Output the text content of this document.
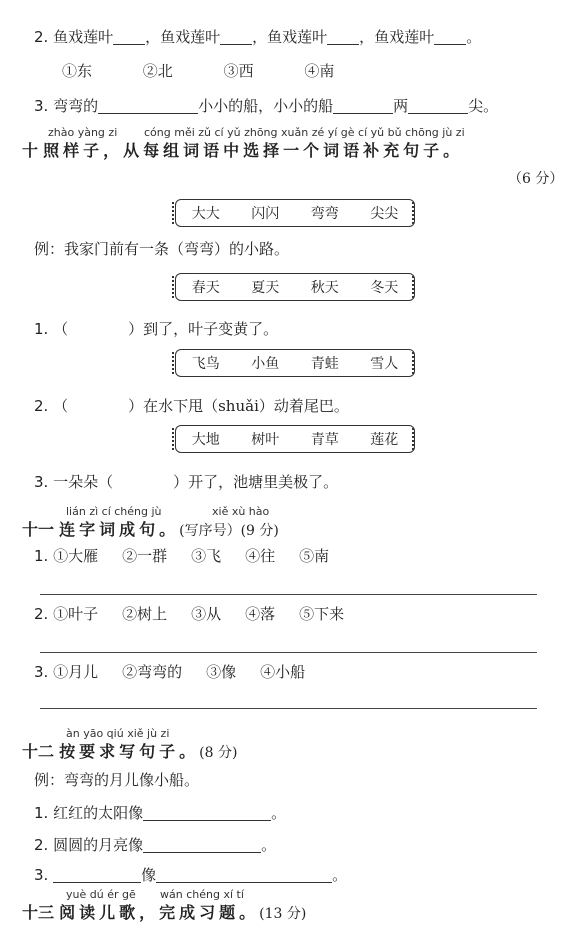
2. 鱼戏莲叶 ，鱼戏莲叶 ，鱼戏莲叶 ，鱼戏莲叶 。
①东	②北	③西	④南
3. 弯弯的	小小的船，小小的船	两	尖。
zhào yàng zi cóng měi zǔ cí yǔ zhōng xuǎn zé yí gè cí yǔ bǔ chōng jù zi
十 照样子，从每组词语中选择一个词语补充句子。
（6 分）
大大 闪闪 弯弯 尖尖
例：我家门前有一条（弯弯）的小路。
春天 夏天 秋天 冬天
1. （	）到了，叶子变黄了。
飞鸟 小鱼 青蛙 雪人
2. （	）在水下甩（shuǎi）动着尾巴。
大地 树叶 青草 莲花
3. 一朵朵（	）开了，池塘里美极了。
lián zì cí chéng jù	xiě xù hào
十一 连字词成句。(写序号）(9 分)
1. ①大雁 ②一群 ③飞 ④往 ⑤南
2. ①叶子 ②树上 ③从 ④落 ⑤下来
3. ①月儿 ②弯弯的 ③像 ④小船
àn yāo qiú xiě jù zi
十二 按要求写句子。(8 分)
例：弯弯的月儿像小船。
1. 红红的太阳像	。
2. 圆圆的月亮像	。
3.	像	。
yuè dú ér gē wán chéng xí tí
十三 阅读儿歌，完成习题。(13 分)
